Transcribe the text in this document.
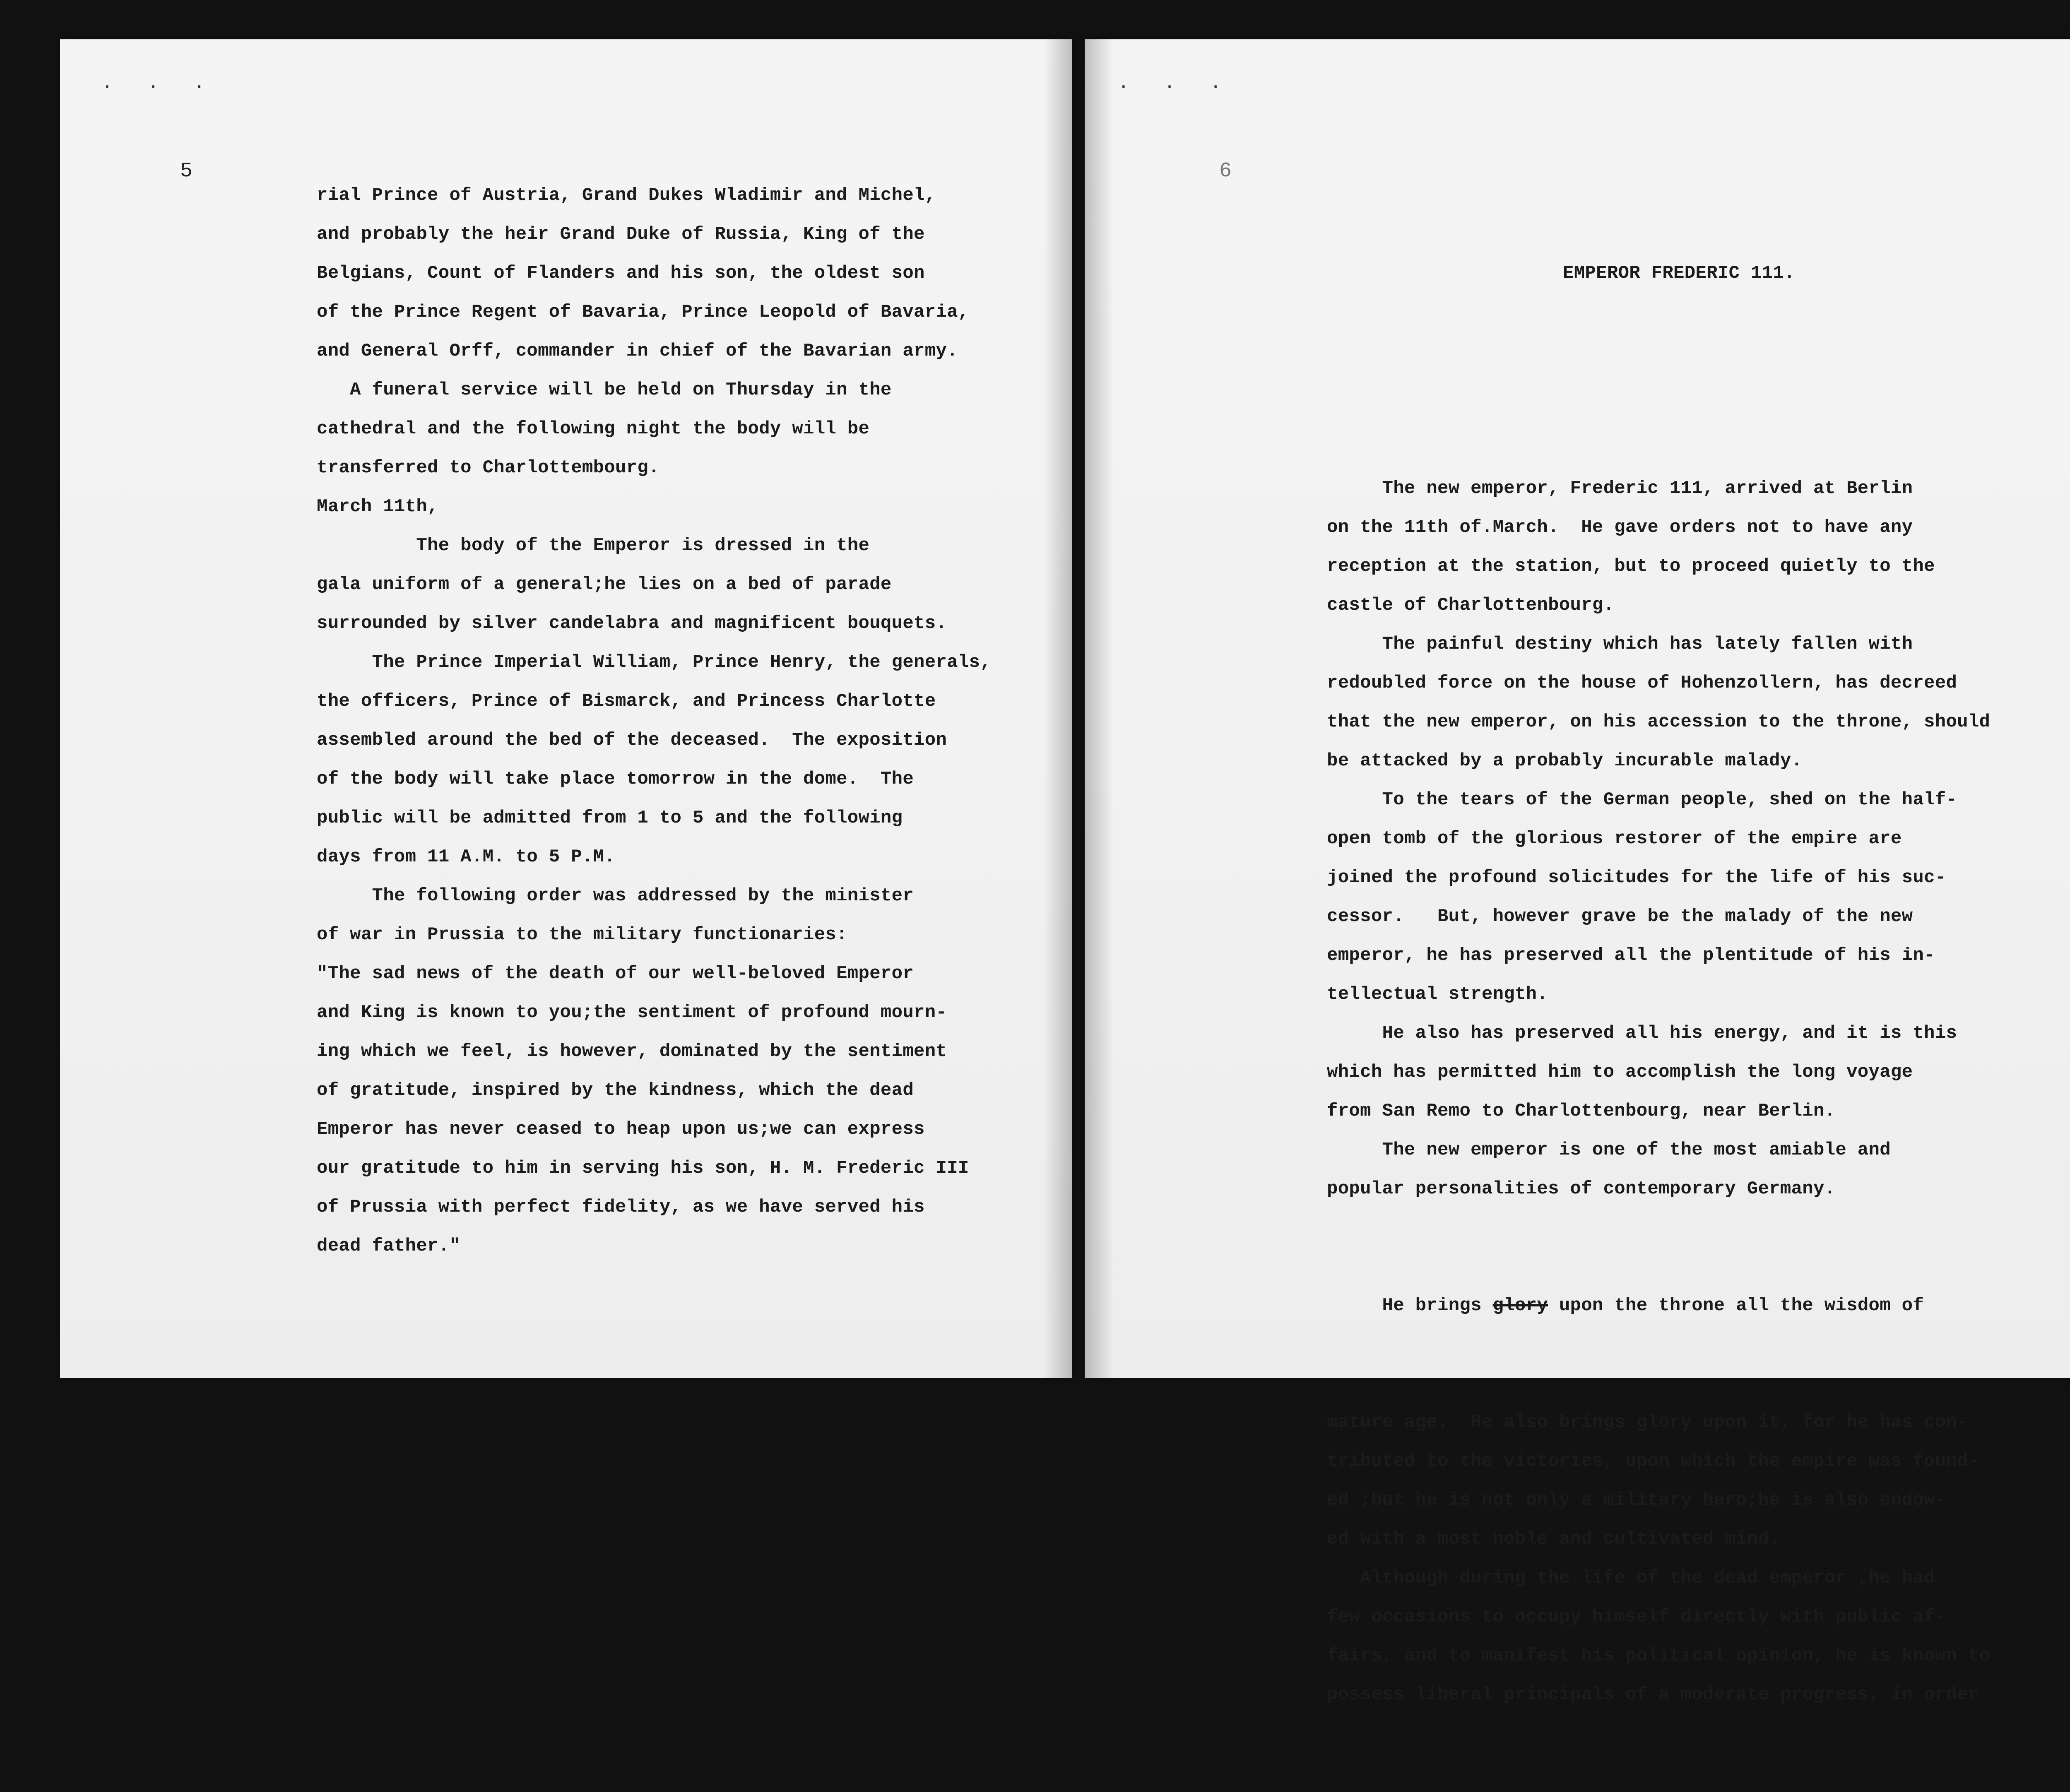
. . .
5
rial Prince of Austria, Grand Dukes Wladimir and Michel,
and probably the heir Grand Duke of Russia, King of the
Belgians, Count of Flanders and his son, the oldest son
of the Prince Regent of Bavaria, Prince Leopold of Bavaria,
and General Orff, commander in chief of the Bavarian army.
A funeral service will be held on Thursday in the
cathedral and the following night the body will be
transferred to Charlottembourg.
March 11th,
The body of the Emperor is dressed in the
gala uniform of a general;he lies on a bed of parade
surrounded by silver candelabra and magnificent bouquets.
The Prince Imperial William, Prince Henry, the generals,
the officers, Prince of Bismarck, and Princess Charlotte
assembled around the bed of the deceased.  The exposition
of the body will take place tomorrow in the dome.  The
public will be admitted from 1 to 5 and the following
days from 11 A.M. to 5 P.M.
The following order was addressed by the minister
of war in Prussia to the military functionaries:
"The sad news of the death of our well-beloved Emperor
and King is known to you;the sentiment of profound mourn-
ing which we feel, is however, dominated by the sentiment
of gratitude, inspired by the kindness, which the dead
Emperor has never ceased to heap upon us;we can express
our gratitude to him in serving his son, H. M. Frederic III
of Prussia with perfect fidelity, as we have served his
dead father."
. . .
6

EMPEROR FREDERIC 111.

The new emperor, Frederic 111, arrived at Berlin
on the 11th of.March.  He gave orders not to have any
reception at the station, but to proceed quietly to the
castle of Charlottenbourg.
The painful destiny which has lately fallen with
redoubled force on the house of Hohenzollern, has decreed
that the new emperor, on his accession to the throne, should
be attacked by a probably incurable malady.
To the tears of the German people, shed on the half-
open tomb of the glorious restorer of the empire are
joined the profound solicitudes for the life of his suc-
cessor.   But, however grave be the malady of the new
emperor, he has preserved all the plentitude of his in-
tellectual strength.
He also has preserved all his energy, and it is this
which has permitted him to accomplish the long voyage
from San Remo to Charlottenbourg, near Berlin.
The new emperor is one of the most amiable and
popular personalities of contemporary Germany.

He brings glory upon the throne all the wisdom of

mature age.  He also brings glory upon it, for he has con-
tributed to the victories, upon which the empire was found-
ed ;but he is not only a military hero;he is also endow-
ed with a most noble and cultivated mind.
Although during the life of the dead emperor ,he had
few occasions to occupy himself directly with public af-
fairs, and to manifest his political opinion, he is known to
possess liberal principals of a moderate progress, in order
